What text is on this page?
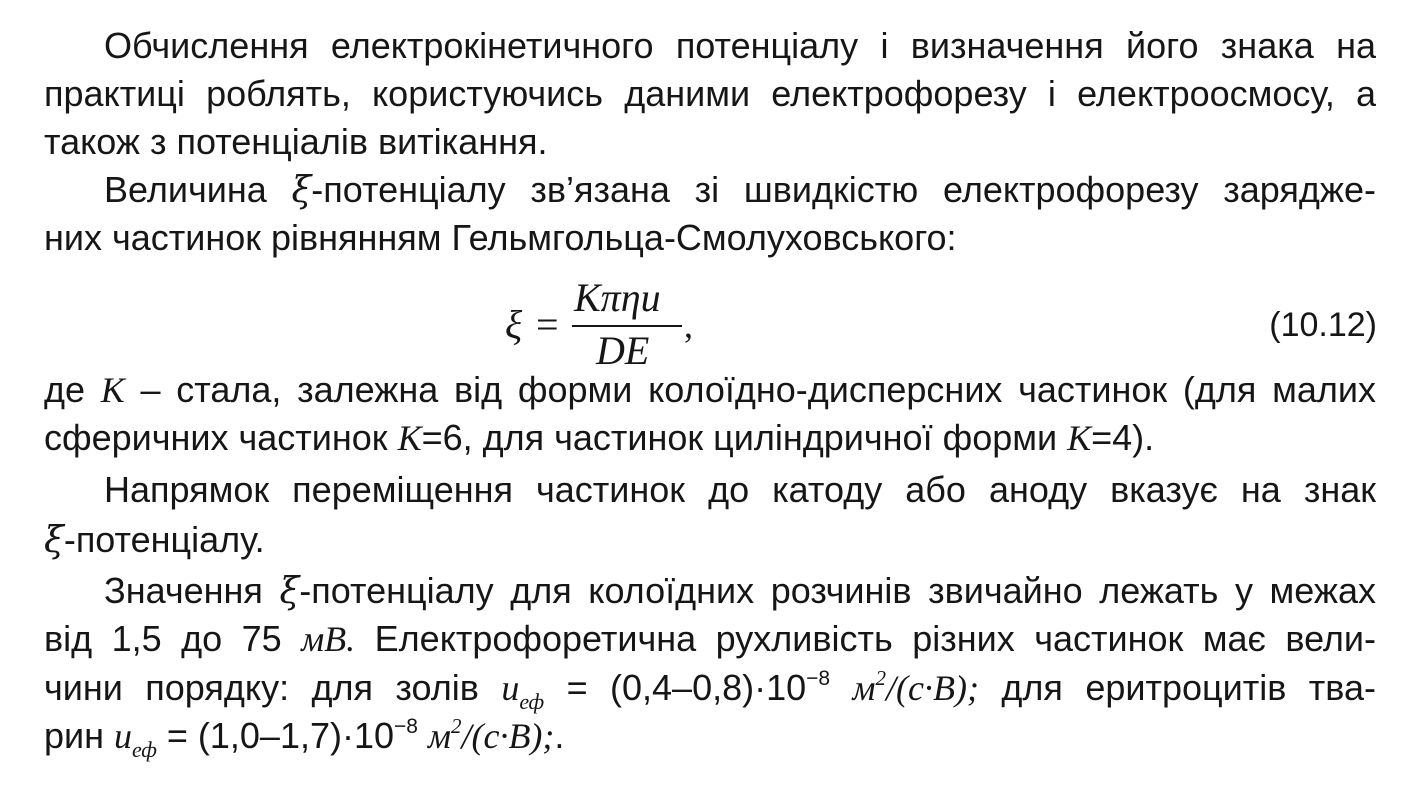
Обчислення електрокінетичного потенціалу і визначення його знака на
практиці роблять, користуючись даними електрофорезу і електроосмосу, а
також з потенціалів витікання.
Величина ξ-потенціалу зв’язана зі швидкістю електрофорезу зарядже-
них частинок рівнянням Гельмгольца-Смолуховського:
ξ =
Kπηu
DE
,	(10.12)
де K – стала, залежна від форми колоїдно-дисперсних частинок (для малих
сферичних частинок K=6, для частинок циліндричної форми K=4).
Напрямок переміщення частинок до катоду або аноду вказує на знак
ξ-потенціалу.
Значення ξ-потенціалу для колоїдних розчинів звичайно лежать у межах
від 1,5 до 75 мВ. Електрофоретична рухливість різних частинок має вели-
чини порядку: для золів $u_{еф} = (0,4-0,8)\cdot 10^{-8}$ $м^2/(с\cdot В)$; для еритроцитів тва-
рин $u_{еф} = (1,0-1,7)\cdot 10^{-8}$ $м^2/(с\cdot В)$;.
